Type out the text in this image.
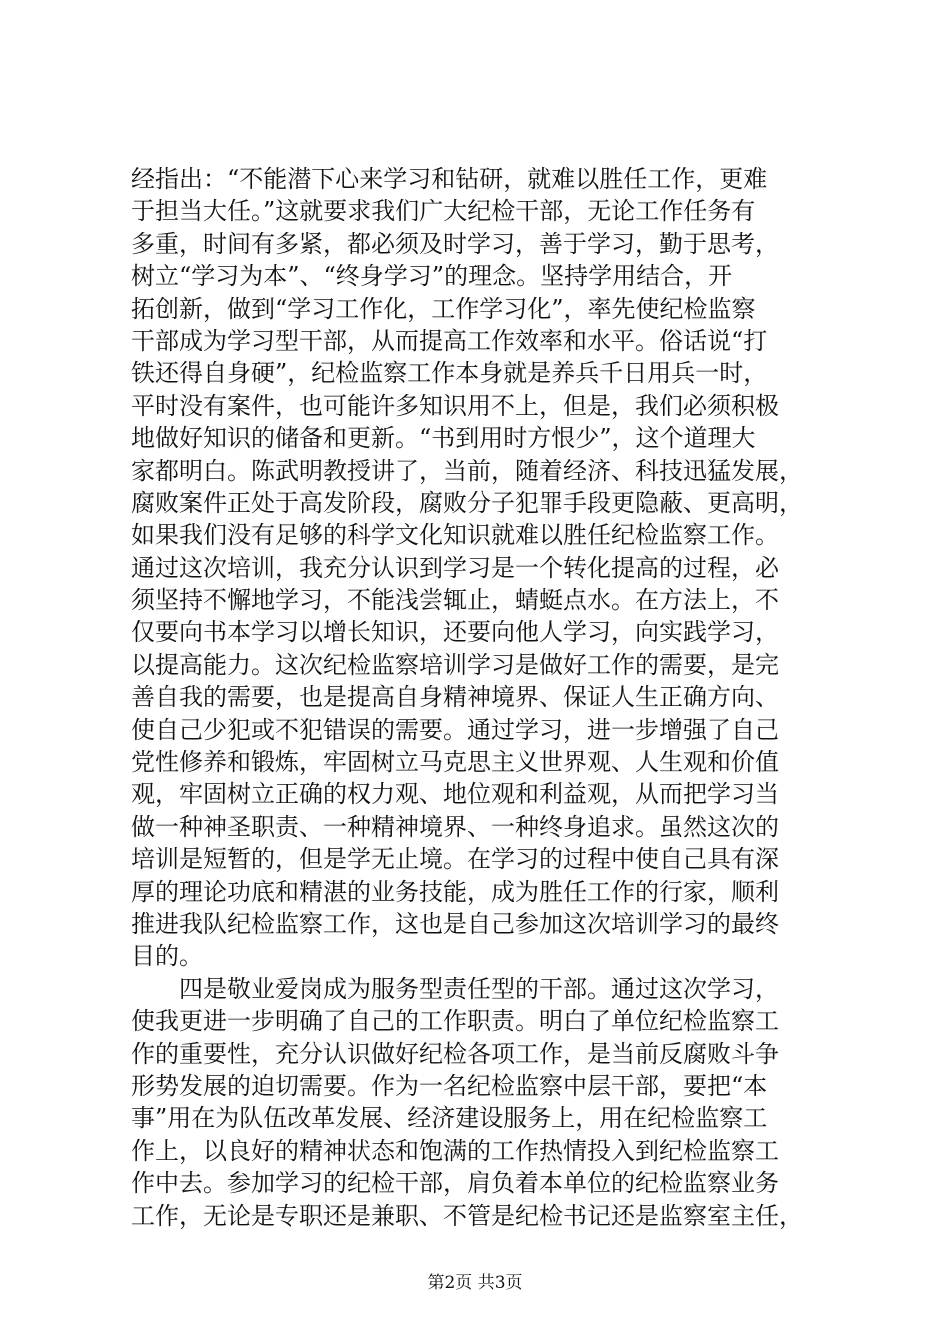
经指出：“不能潜下心来学习和钻研，就难以胜任工作，更难
于担当大任。”这就要求我们广大纪检干部，无论工作任务有
多重，时间有多紧，都必须及时学习，善于学习，勤于思考，
树立“学习为本”、“终身学习”的理念。坚持学用结合，开
拓创新，做到“学习工作化，工作学习化”，率先使纪检监察
干部成为学习型干部，从而提高工作效率和水平。俗话说“打
铁还得自身硬”，纪检监察工作本身就是养兵千日用兵一时，
平时没有案件，也可能许多知识用不上，但是，我们必须积极
地做好知识的储备和更新。“书到用时方恨少”，这个道理大
家都明白。陈武明教授讲了，当前，随着经济、科技迅猛发展，
腐败案件正处于高发阶段，腐败分子犯罪手段更隐蔽、更高明，
如果我们没有足够的科学文化知识就难以胜任纪检监察工作。
通过这次培训，我充分认识到学习是一个转化提高的过程，必
须坚持不懈地学习，不能浅尝辄止，蜻蜓点水。在方法上，不
仅要向书本学习以增长知识，还要向他人学习，向实践学习，
以提高能力。这次纪检监察培训学习是做好工作的需要，是完
善自我的需要，也是提高自身精神境界、保证人生正确方向、
使自己少犯或不犯错误的需要。通过学习，进一步增强了自己
党性修养和锻炼，牢固树立马克思主义世界观、人生观和价值
观，牢固树立正确的权力观、地位观和利益观，从而把学习当
做一种神圣职责、一种精神境界、一种终身追求。虽然这次的
培训是短暂的，但是学无止境。在学习的过程中使自己具有深
厚的理论功底和精湛的业务技能，成为胜任工作的行家，顺利
推进我队纪检监察工作，这也是自己参加这次培训学习的最终
目的。
　　四是敬业爱岗成为服务型责任型的干部。通过这次学习，
使我更进一步明确了自己的工作职责。明白了单位纪检监察工
作的重要性，充分认识做好纪检各项工作，是当前反腐败斗争
形势发展的迫切需要。作为一名纪检监察中层干部，要把“本
事”用在为队伍改革发展、经济建设服务上，用在纪检监察工
作上，以良好的精神状态和饱满的工作热情投入到纪检监察工
作中去。参加学习的纪检干部，肩负着本单位的纪检监察业务
工作，无论是专职还是兼职、不管是纪检书记还是监察室主任，
第2页 共3页
